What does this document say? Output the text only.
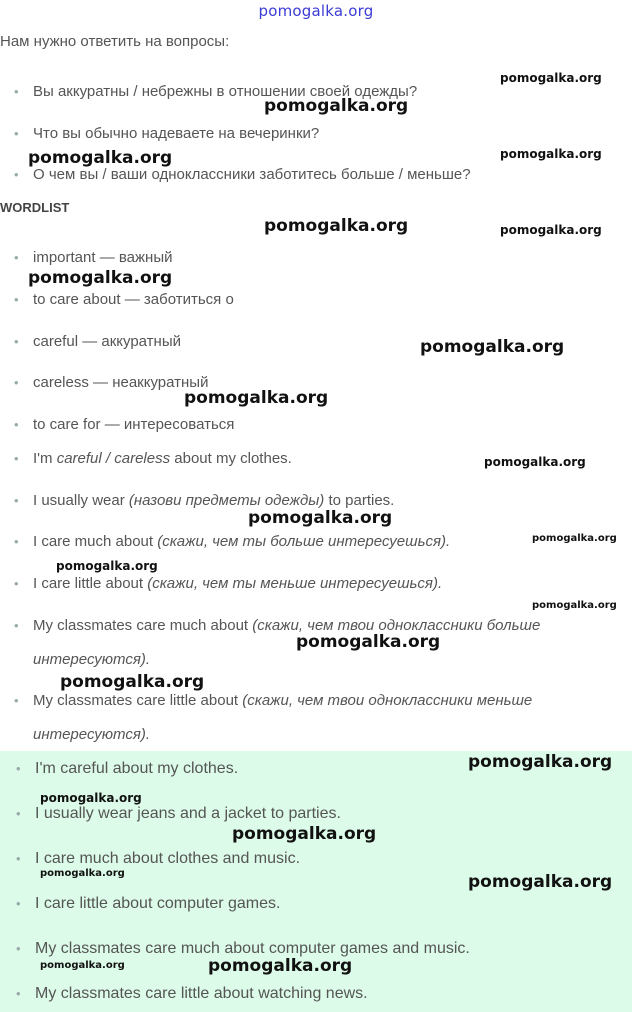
pomogalka.org
Нам нужно ответить на вопросы:
• Вы аккуратны / небрежны в отношении своей одежды?
• Что вы обычно надеваете на вечеринки?
• О чем вы / ваши одноклассники заботитесь больше / меньше?
WORDLIST
• important — важный
• to care about — заботиться о
• careful — аккуратный
• careless — неаккуратный
• to care for — интересоваться
• I'm careful / careless about my clothes.
• I usually wear (назови предметы одежды) to parties.
• I care much about (скажи, чем ты больше интересуешься).
• I care little about (скажи, чем ты меньше интересуешься).
• My classmates care much about (скажи, чем твои одноклассники больше интересуются).
• My classmates care little about (скажи, чем твои одноклассники меньше интересуются).
• I'm careful about my clothes.
• I usually wear jeans and a jacket to parties.
• I care much about clothes and music.
• I care little about computer games.
• My classmates care much about computer games and music.
• My classmates care little about watching news.
pomogalka.org
pomogalka.org
pomogalka.org
pomogalka.org
pomogalka.org	pomogalka.org
pomogalka.org
pomogalka.org
pomogalka.org
pomogalka.org
pomogalka.org
pomogalka.org
pomogalka.org
pomogalka.org
pomogalka.org
pomogalka.org
pomogalka.org
pomogalka.org
pomogalka.org
pomogalka.org	pomogalka.org
pomogalka.org	pomogalka.org
